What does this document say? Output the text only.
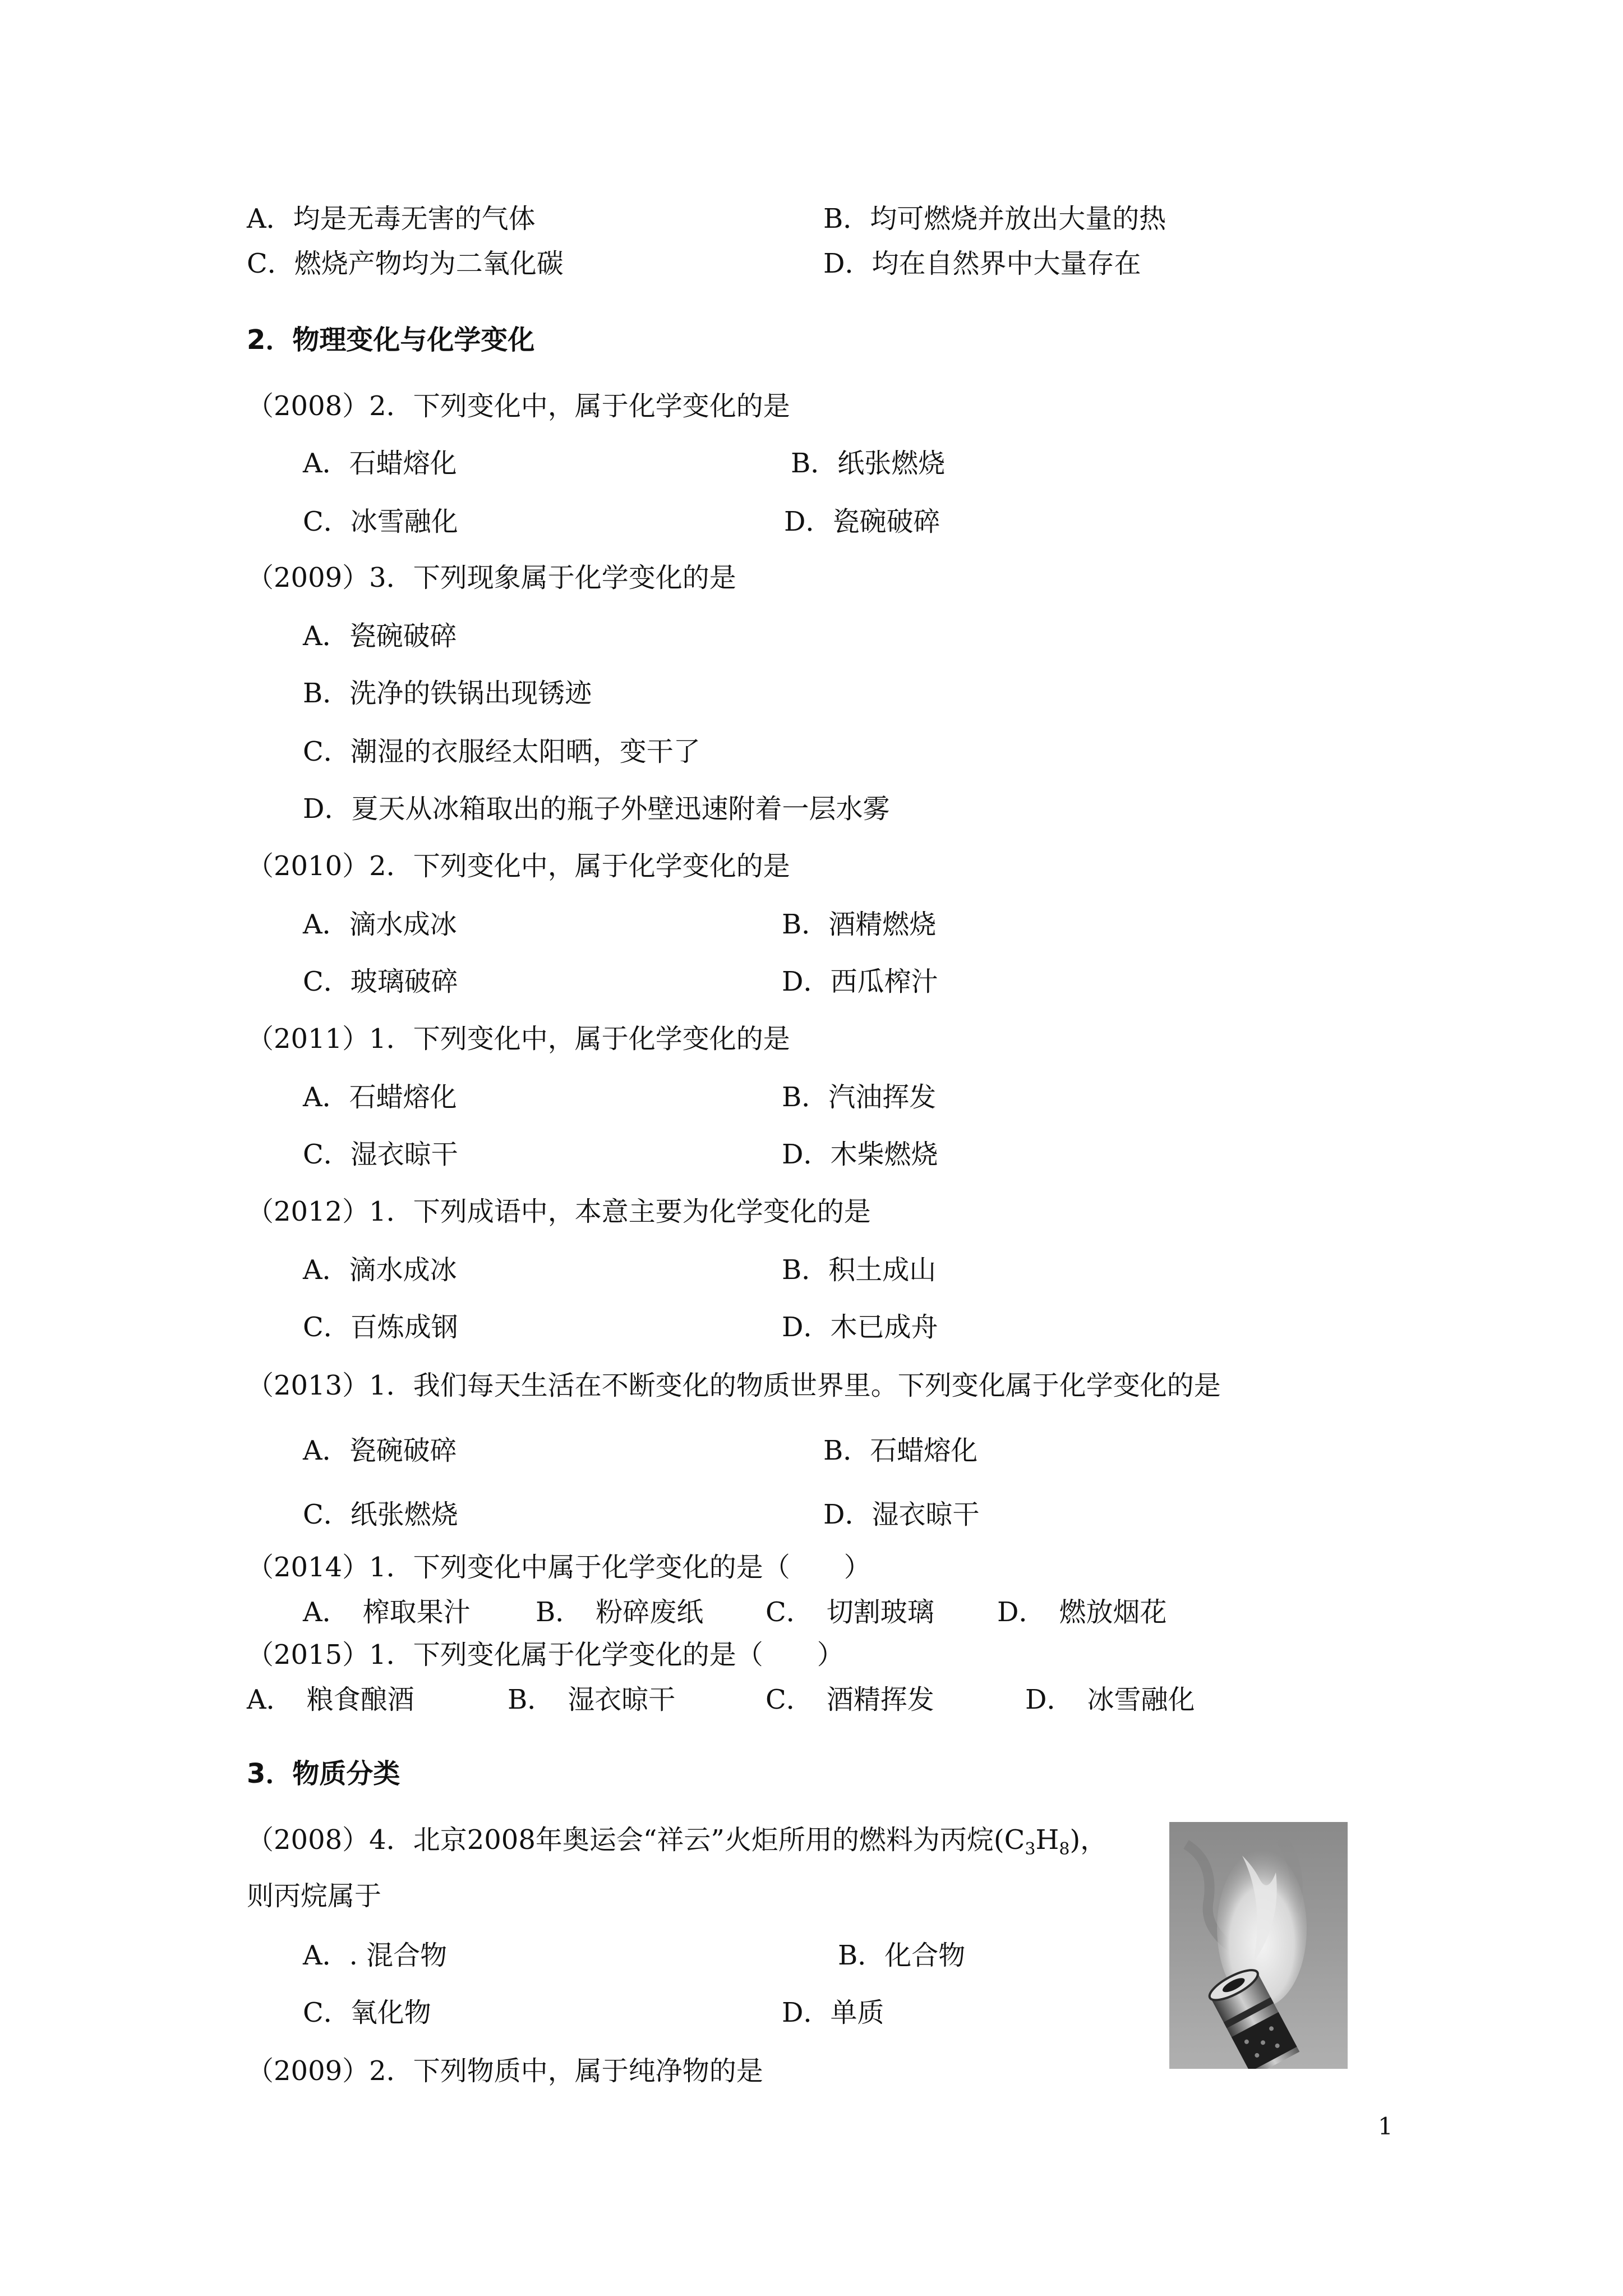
A．均是无毒无害的气体	B．均可燃烧并放出大量的热
C．燃烧产物均为二氧化碳	D．均在自然界中大量存在
2．物理变化与化学变化
（2008）2．下列变化中，属于化学变化的是
A．石蜡熔化	B．纸张燃烧
C．冰雪融化	D．瓷碗破碎
（2009）3．下列现象属于化学变化的是
A．瓷碗破碎
B．洗净的铁锅出现锈迹
C．潮湿的衣服经太阳晒，变干了
D．夏天从冰箱取出的瓶子外壁迅速附着一层水雾
（2010）2．下列变化中，属于化学变化的是
A．滴水成冰	B．酒精燃烧
C．玻璃破碎	D．西瓜榨汁
（2011）1．下列变化中，属于化学变化的是
A．石蜡熔化	B．汽油挥发
C．湿衣晾干	D．木柴燃烧
（2012）1．下列成语中，本意主要为化学变化的是
A．滴水成冰	B．积土成山
C．百炼成钢	D．木已成舟
（2013）1．我们每天生活在不断变化的物质世界里。下列变化属于化学变化的是
A．瓷碗破碎	B．石蜡熔化
C．纸张燃烧	D．湿衣晾干
（2014）1．下列变化中属于化学变化的是（　　）
A．　榨取果汁 B．　粉碎废纸 C．　切割玻璃 D．　燃放烟花
（2015）1．下列变化属于化学变化的是（　　）
A．　粮食酿酒	B．　湿衣晾干	C．　酒精挥发	D．　冰雪融化
3．物质分类
（2008）4．北京2008年奥运会“祥云”火炬所用的燃料为丙烷$(C_3H_8)$，
则丙烷属于
A．. 混合物	B．化合物
C．氧化物	D．单质
（2009）2．下列物质中，属于纯净物的是
1
